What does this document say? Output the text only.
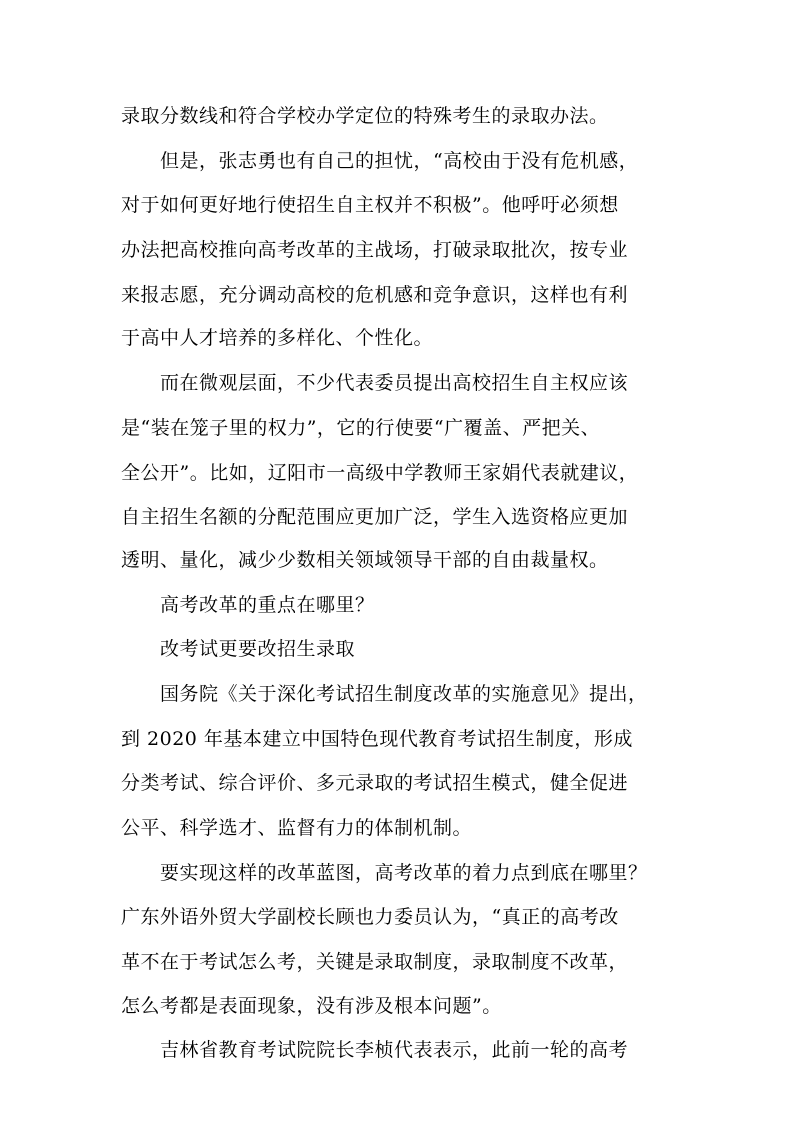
录取分数线和符合学校办学定位的特殊考生的录取办法。
但是，张志勇也有自己的担忧，“高校由于没有危机感，
对于如何更好地行使招生自主权并不积极”。他呼吁必须想
办法把高校推向高考改革的主战场，打破录取批次，按专业
来报志愿，充分调动高校的危机感和竞争意识，这样也有利
于高中人才培养的多样化、个性化。
而在微观层面，不少代表委员提出高校招生自主权应该
是“装在笼子里的权力”，它的行使要“广覆盖、严把关、
全公开”。比如，辽阳市一高级中学教师王家娟代表就建议，
自主招生名额的分配范围应更加广泛，学生入选资格应更加
透明、量化，减少少数相关领域领导干部的自由裁量权。
高考改革的重点在哪里？
改考试更要改招生录取
国务院《关于深化考试招生制度改革的实施意见》提出，
到 2020 年基本建立中国特色现代教育考试招生制度，形成
分类考试、综合评价、多元录取的考试招生模式，健全促进
公平、科学选才、监督有力的体制机制。
要实现这样的改革蓝图，高考改革的着力点到底在哪里？
广东外语外贸大学副校长顾也力委员认为，“真正的高考改
革不在于考试怎么考，关键是录取制度，录取制度不改革，
怎么考都是表面现象，没有涉及根本问题”。
吉林省教育考试院院长李桢代表表示，此前一轮的高考
